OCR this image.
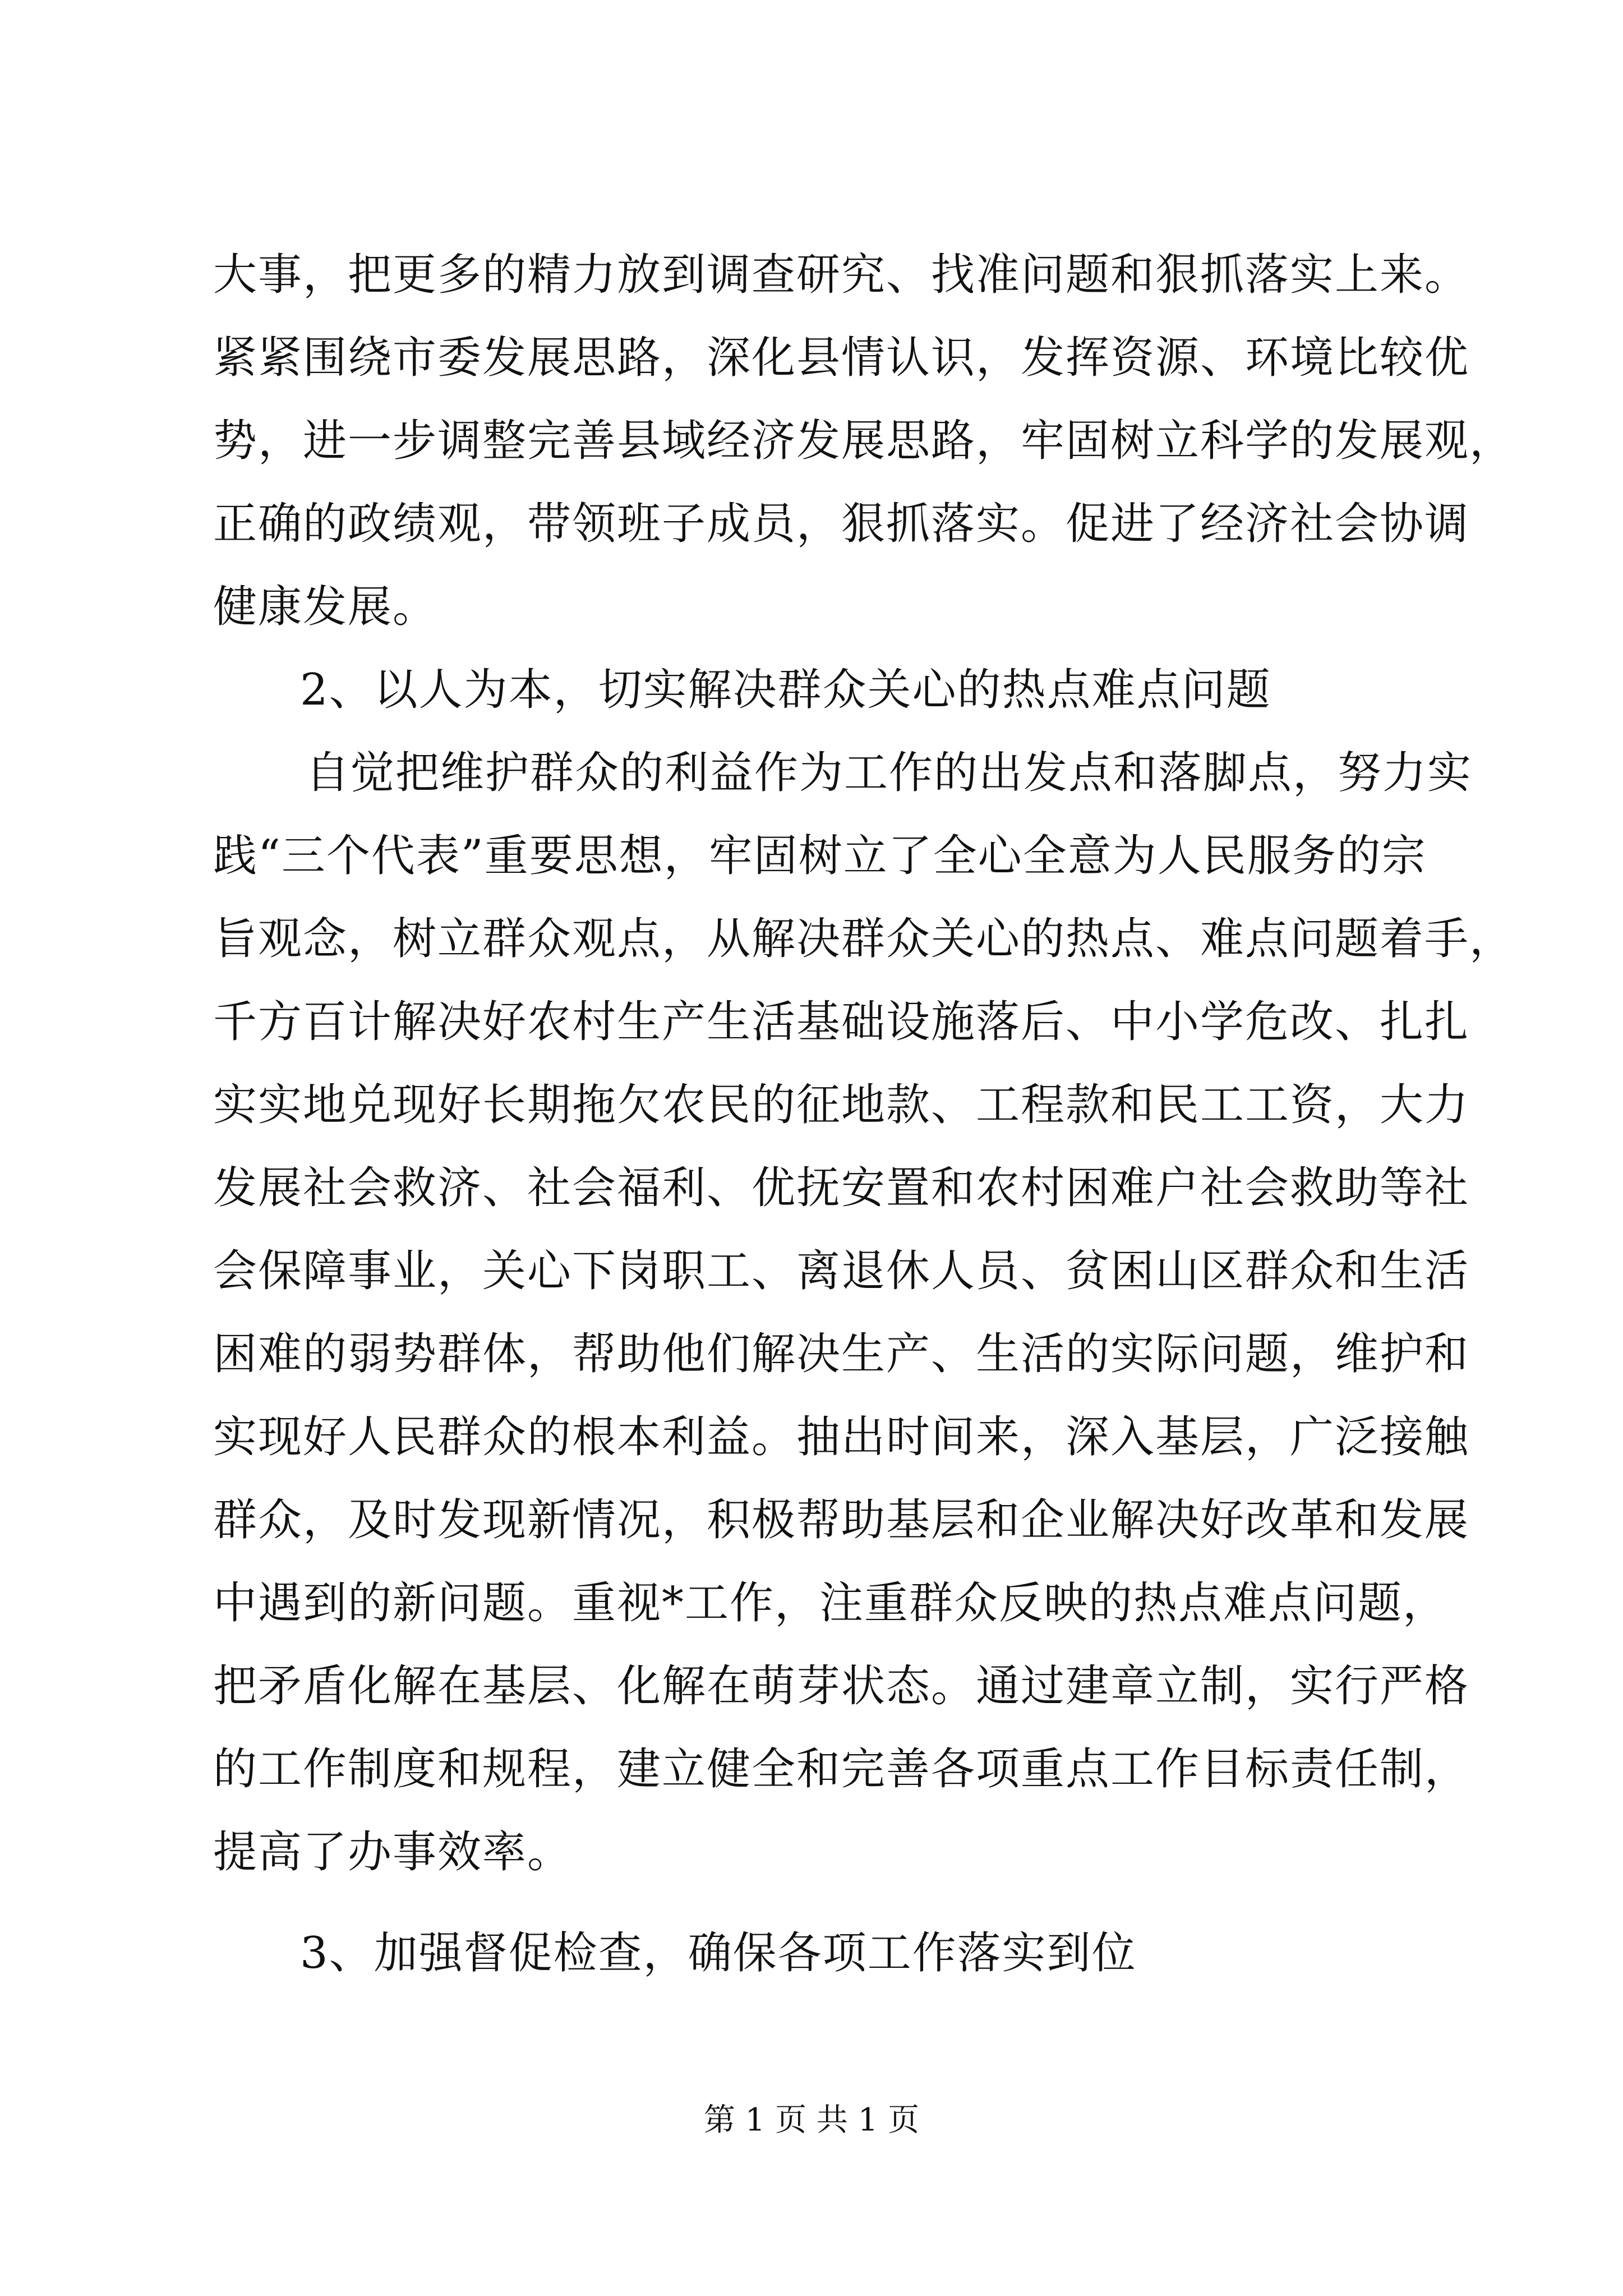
大事，把更多的精力放到调查研究、找准问题和狠抓落实上来。
紧紧围绕市委发展思路，深化县情认识，发挥资源、环境比较优
势，进一步调整完善县域经济发展思路，牢固树立科学的发展观，
正确的政绩观，带领班子成员，狠抓落实。促进了经济社会协调
健康发展。
2、以人为本，切实解决群众关心的热点难点问题
自觉把维护群众的利益作为工作的出发点和落脚点，努力实
践“三个代表”重要思想，牢固树立了全心全意为人民服务的宗
旨观念，树立群众观点，从解决群众关心的热点、难点问题着手，
千方百计解决好农村生产生活基础设施落后、中小学危改、扎扎
实实地兑现好长期拖欠农民的征地款、工程款和民工工资，大力
发展社会救济、社会福利、优抚安置和农村困难户社会救助等社
会保障事业，关心下岗职工、离退休人员、贫困山区群众和生活
困难的弱势群体，帮助他们解决生产、生活的实际问题，维护和
实现好人民群众的根本利益。抽出时间来，深入基层，广泛接触
群众，及时发现新情况，积极帮助基层和企业解决好改革和发展
中遇到的新问题。重视*工作，注重群众反映的热点难点问题，
把矛盾化解在基层、化解在萌芽状态。通过建章立制，实行严格
的工作制度和规程，建立健全和完善各项重点工作目标责任制，
提高了办事效率。
3、加强督促检查，确保各项工作落实到位
第 1 页 共 1 页
